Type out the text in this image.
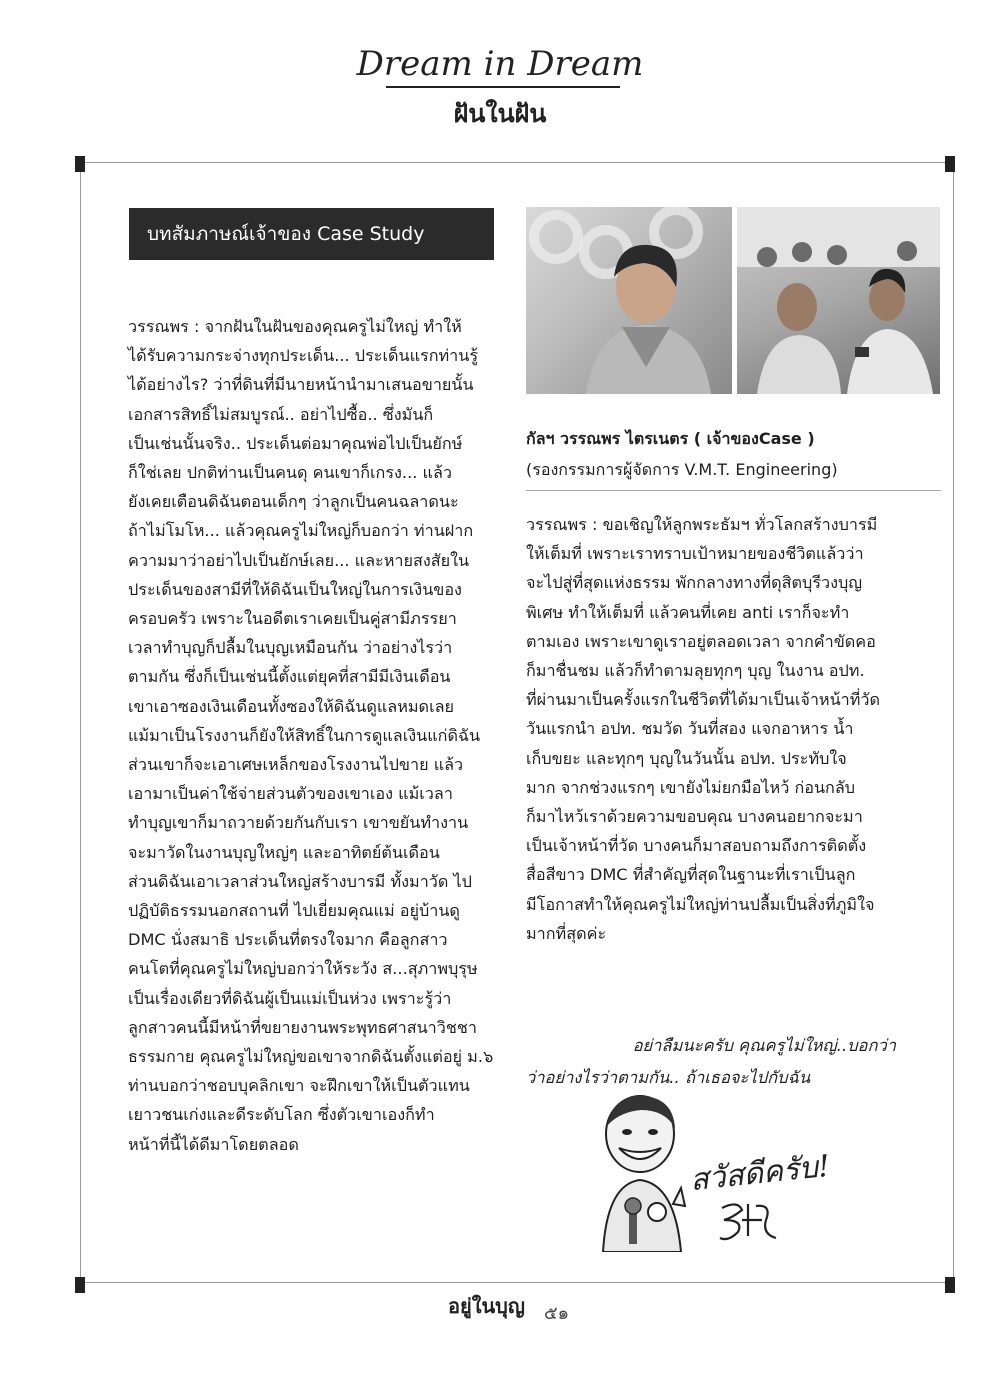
Dream in Dream
ฝันในฝัน
บทสัมภาษณ์เจ้าของ Case Study

วรรณพร : จากฝันในฝันของคุณครูไม่ใหญ่ ทำให้

ได้รับความกระจ่างทุกประเด็น... ประเด็นแรกท่านรู้

ได้อย่างไร? ว่าที่ดินที่มีนายหน้านำมาเสนอขายนั้น

เอกสารสิทธิ์ไม่สมบูรณ์.. อย่าไปซื้อ.. ซึ่งมันก็

เป็นเช่นนั้นจริง.. ประเด็นต่อมาคุณพ่อไปเป็นยักษ์

ก็ใช่เลย ปกติท่านเป็นคนดุ คนเขาก็เกรง... แล้ว

ยังเคยเตือนดิฉันตอนเด็กๆ ว่าลูกเป็นคนฉลาดนะ

ถ้าไม่โมโห... แล้วคุณครูไม่ใหญ่ก็บอกว่า ท่านฝาก

ความมาว่าอย่าไปเป็นยักษ์เลย... และหายสงสัยใน

ประเด็นของสามีที่ให้ดิฉันเป็นใหญ่ในการเงินของ

ครอบครัว เพราะในอดีตเราเคยเป็นคู่สามีภรรยา

เวลาทำบุญก็ปลื้มในบุญเหมือนกัน ว่าอย่างไรว่า

ตามกัน ซึ่งก็เป็นเช่นนี้ตั้งแต่ยุคที่สามีมีเงินเดือน

เขาเอาซองเงินเดือนทั้งซองให้ดิฉันดูแลหมดเลย

แม้มาเป็นโรงงานก็ยังให้สิทธิ์ในการดูแลเงินแก่ดิฉัน

ส่วนเขาก็จะเอาเศษเหล็กของโรงงานไปขาย แล้ว

เอามาเป็นค่าใช้จ่ายส่วนตัวของเขาเอง แม้เวลา

ทำบุญเขาก็มาถวายด้วยกันกับเรา เขาขยันทำงาน

จะมาวัดในงานบุญใหญ่ๆ และอาทิตย์ต้นเดือน

ส่วนดิฉันเอาเวลาส่วนใหญ่สร้างบารมี ทั้งมาวัด ไป

ปฏิบัติธรรมนอกสถานที่ ไปเยี่ยมคุณแม่ อยู่บ้านดู

DMC นั่งสมาธิ ประเด็นที่ตรงใจมาก คือลูกสาว

คนโตที่คุณครูไม่ใหญ่บอกว่าให้ระวัง ส...สุภาพบุรุษ

เป็นเรื่องเดียวที่ดิฉันผู้เป็นแม่เป็นห่วง เพราะรู้ว่า

ลูกสาวคนนี้มีหน้าที่ขยายงานพระพุทธศาสนาวิชชา

ธรรมกาย คุณครูไม่ใหญ่ขอเขาจากดิฉันตั้งแต่อยู่ ม.๖

ท่านบอกว่าชอบบุคลิกเขา จะฝึกเขาให้เป็นตัวแทน

เยาวชนเก่งและดีระดับโลก ซึ่งตัวเขาเองก็ทำ

หน้าที่นี้ได้ดีมาโดยตลอด

กัลฯ วรรณพร ไตรเนตร ( เจ้าของCase )
(รองกรรมการผู้จัดการ V.M.T. Engineering)

วรรณพร : ขอเชิญให้ลูกพระธัมฯ ทั่วโลกสร้างบารมี

ให้เต็มที่ เพราะเราทราบเป้าหมายของชีวิตแล้วว่า

จะไปสู่ที่สุดแห่งธรรม พักกลางทางที่ดุสิตบุรีวงบุญ

พิเศษ ทำให้เต็มที่ แล้วคนที่เคย anti เราก็จะทำ

ตามเอง เพราะเขาดูเราอยู่ตลอดเวลา จากคำขัดคอ

ก็มาชื่นชม แล้วก็ทำตามลุยทุกๆ บุญ ในงาน อปท.

ที่ผ่านมาเป็นครั้งแรกในชีวิตที่ได้มาเป็นเจ้าหน้าที่วัด

วันแรกนำ อปท. ชมวัด วันที่สอง แจกอาหาร น้ำ

เก็บขยะ และทุกๆ บุญในวันนั้น อปท. ประทับใจ

มาก จากช่วงแรกๆ เขายังไม่ยกมือไหว้ ก่อนกลับ

ก็มาไหว้เราด้วยความขอบคุณ บางคนอยากจะมา

เป็นเจ้าหน้าที่วัด บางคนก็มาสอบถามถึงการติดตั้ง

สื่อสีขาว DMC ที่สำคัญที่สุดในฐานะที่เราเป็นลูก

มีโอกาสทำให้คุณครูไม่ใหญ่ท่านปลื้มเป็นสิ่งที่ภูมิใจ

มากที่สุดค่ะ

อย่าลืมนะครับ คุณครูไม่ใหญ่..บอกว่า
ว่าอย่างไรว่าตามกัน.. ถ้าเธอจะไปกับฉัน
สวัสดีครับ!
อยู่ในบุญ ๕๑
